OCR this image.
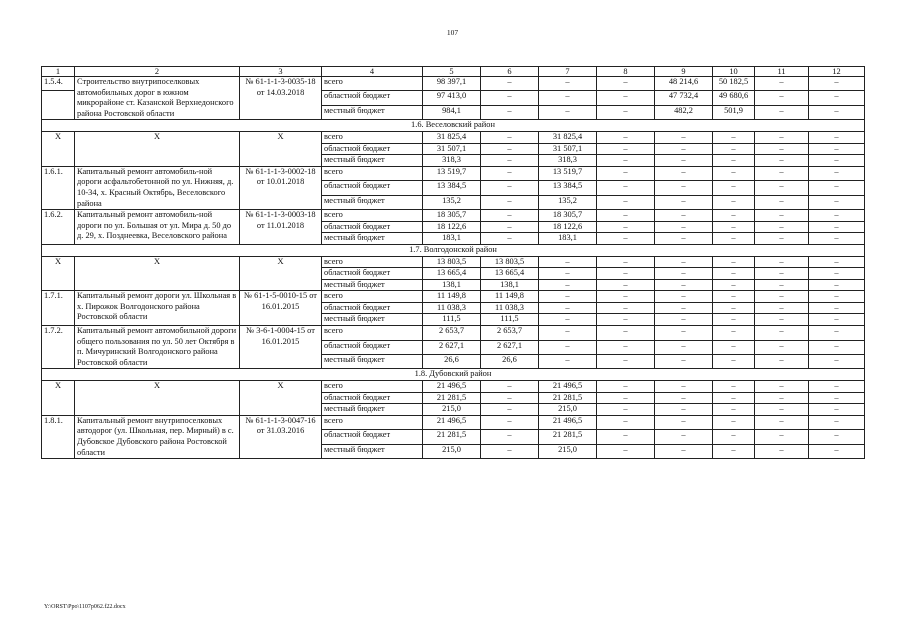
107
1	2	3	4	5	6	7	8	9	10	11	12
1.5.4.	Строительство внутрипоселковых автомобильных дорог в южном микрорайоне ст. Казанской Верхнедонского района Ростовской области	№ 61-1-1-3-0035-18 от 14.03.2018	всего	98 397,1	–	–	–	48 214,6	50 182,5	–	–
			областной бюджет	97 413,0	–	–	–	47 732,4	49 680,6	–	–
			местный бюджет	984,1	–	–	–	482,2	501,9	–	–
1.6. Веселовский район											
Х	Х	Х	всего	31 825,4	–	31 825,4	–	–	–	–	–
			областной бюджет	31 507,1	–	31 507,1	–	–	–	–	–
			местный бюджет	318,3	–	318,3	–	–	–	–	–
1.6.1.	Капитальный ремонт автомобиль-ной дороги асфальтобетонной по ул. Нижняя, д. 10-34, х. Красный Октябрь, Веселовского района	№ 61-1-1-3-0002-18 от 10.01.2018	всего	13 519,7	–	13 519,7	–	–	–	–	–
			областной бюджет	13 384,5	–	13 384,5	–	–	–	–	–
			местный бюджет	135,2	–	135,2	–	–	–	–	–
1.6.2.	Капитальный ремонт автомобиль-ной дороги по ул. Большая от ул. Мира д. 50 до д. 29, х. Позднеевка, Веселовского района	№ 61-1-1-3-0003-18 от 11.01.2018	всего	18 305,7	–	18 305,7	–	–	–	–	–
			областной бюджет	18 122,6	–	18 122,6	–	–	–	–	–
			местный бюджет	183,1	–	183,1	–	–	–	–	–
1.7. Волгодонской район											
Х	Х	Х	всего	13 803,5	13 803,5	–	–	–	–	–	–
			областной бюджет	13 665,4	13 665,4	–	–	–	–	–	–
			местный бюджет	138,1	138,1	–	–	–	–	–	–
1.7.1.	Капитальный ремонт дороги ул. Школьная в х. Пирожок Волгодонского района Ростовской области	№ 61-1-5-0010-15 от 16.01.2015	всего	11 149,8	11 149,8	–	–	–	–	–	–
			областной бюджет	11 038,3	11 038,3	–	–	–	–	–	–
			местный бюджет	111,5	111,5	–	–	–	–	–	–
1.7.2.	Капитальный ремонт автомобильной дороги общего пользования по ул. 50 лет Октября в п. Мичуринский Волгодонского района Ростовской области	№ 3-6-1-0004-15 от 16.01.2015	всего	2 653,7	2 653,7	–	–	–	–	–	–
			областной бюджет	2 627,1	2 627,1	–	–	–	–	–	–
			местный бюджет	26,6	26,6	–	–	–	–	–	–
1.8. Дубовский район											
Х	Х	Х	всего	21 496,5	–	21 496,5	–	–	–	–	–
			областной бюджет	21 281,5	–	21 281,5	–	–	–	–	–
			местный бюджет	215,0	–	215,0	–	–	–	–	–
1.8.1.	Капитальный ремонт внутрипоселковых автодорог (ул. Школьная, пер. Мирный) в с. Дубовское Дубовского района Ростовской области	№ 61-1-1-3-0047-16 от 31.03.2016	всего	21 496,5	–	21 496,5	–	–	–	–	–
			областной бюджет	21 281,5	–	21 281,5	–	–	–	–	–
			местный бюджет	215,0	–	215,0	–	–	–	–	–
Y:\ORST\Ppo\1107p062.f22.docx
